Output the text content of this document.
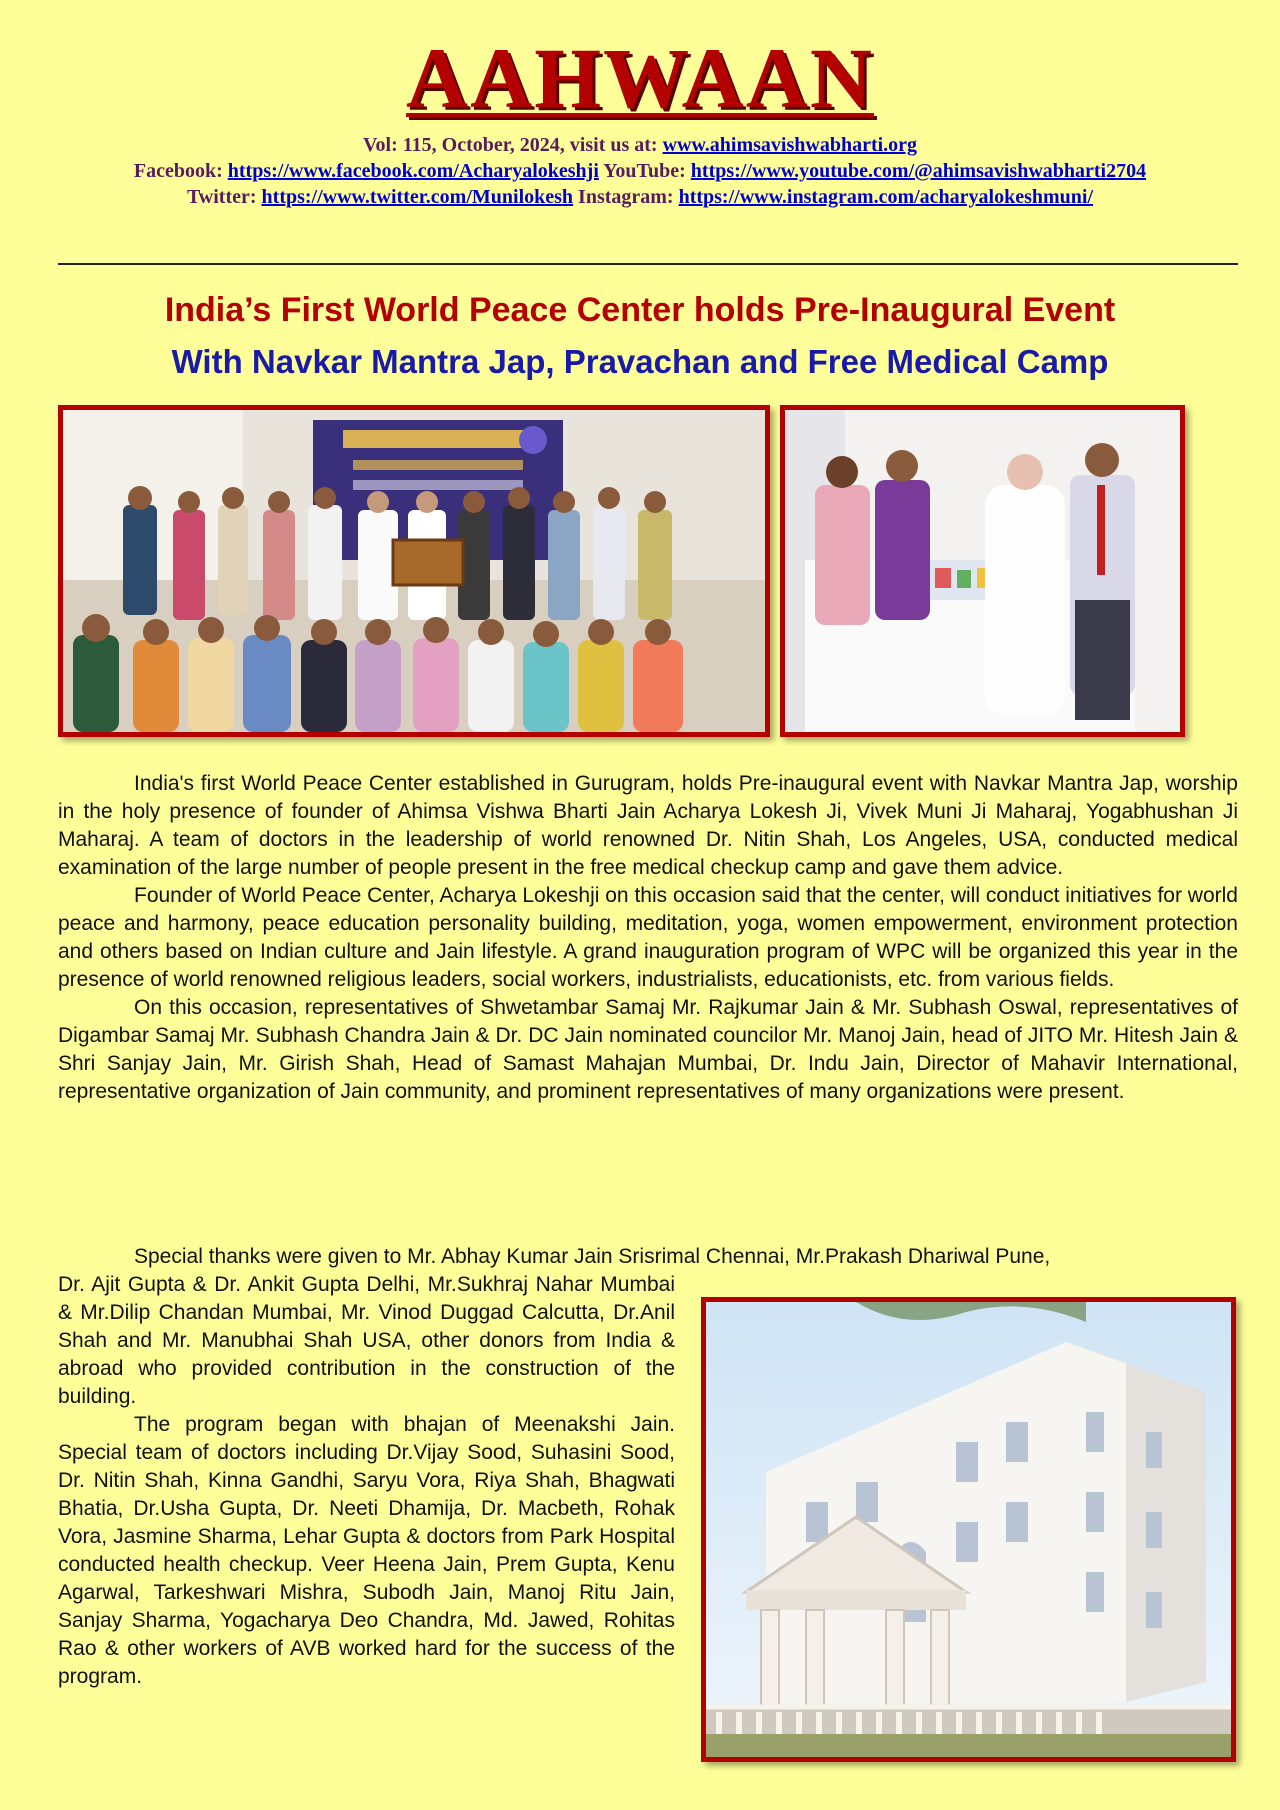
AAHWAAN
Vol: 115, October, 2024, visit us at: www.ahimsavishwabharti.org
Facebook: https://www.facebook.com/Acharyalokeshji YouTube: https://www.youtube.com/@ahimsavishwabharti2704
Twitter: https://www.twitter.com/Munilokesh Instagram: https://www.instagram.com/acharyalokeshmuni/
India’s First World Peace Center holds Pre-Inaugural Event
With Navkar Mantra Jap, Pravachan and Free Medical Camp

India's first World Peace Center established in Gurugram, holds Pre-inaugural event with Navkar Mantra Jap, worship in the holy presence of founder of Ahimsa Vishwa Bharti Jain Acharya Lokesh Ji, Vivek Muni Ji Maharaj, Yogabhushan Ji Maharaj. A team of doctors in the leadership of world renowned Dr. Nitin Shah, Los Angeles, USA, conducted medical examination of the large number of people present in the free medical checkup camp and gave them advice.

Founder of World Peace Center, Acharya Lokeshji on this occasion said that the center, will conduct initiatives for world peace and harmony, peace education personality building, meditation, yoga, women empowerment, environment protection and others based on Indian culture and Jain lifestyle. A grand inauguration program of WPC will be organized this year in the presence of world renowned religious leaders, social workers, industrialists, educationists, etc. from various fields.

On this occasion, representatives of Shwetambar Samaj Mr. Rajkumar Jain & Mr. Subhash Oswal, representatives of Digambar Samaj Mr. Subhash Chandra Jain & Dr. DC Jain nominated councilor Mr. Manoj Jain, head of JITO Mr. Hitesh Jain & Shri Sanjay Jain, Mr. Girish Shah, Head of Samast Mahajan Mumbai, Dr. Indu Jain, Director of Mahavir International, representative organization of Jain community, and prominent representatives of many organizations were present.

Special thanks were given to Mr. Abhay Kumar Jain Srisrimal Chennai, Mr.Prakash Dhariwal Pune,
Dr. Ajit Gupta & Dr. Ankit Gupta Delhi, Mr.Sukhraj Nahar Mumbai & Mr.Dilip Chandan Mumbai, Mr. Vinod Duggad Calcutta, Dr.Anil Shah and Mr. Manubhai Shah USA, other donors from India & abroad who provided contribution in the construction of the building.

The program began with bhajan of Meenakshi Jain. Special team of doctors including Dr.Vijay Sood, Suhasini Sood, Dr. Nitin Shah, Kinna Gandhi, Saryu Vora, Riya Shah, Bhagwati Bhatia, Dr.Usha Gupta, Dr. Neeti Dhamija, Dr. Macbeth, Rohak Vora, Jasmine Sharma, Lehar Gupta & doctors from Park Hospital conducted health checkup. Veer Heena Jain, Prem Gupta, Kenu Agarwal, Tarkeshwari Mishra, Subodh Jain, Manoj Ritu Jain, Sanjay Sharma, Yogacharya Deo Chandra, Md. Jawed, Rohitas Rao & other workers of AVB worked hard for the success of the program.
